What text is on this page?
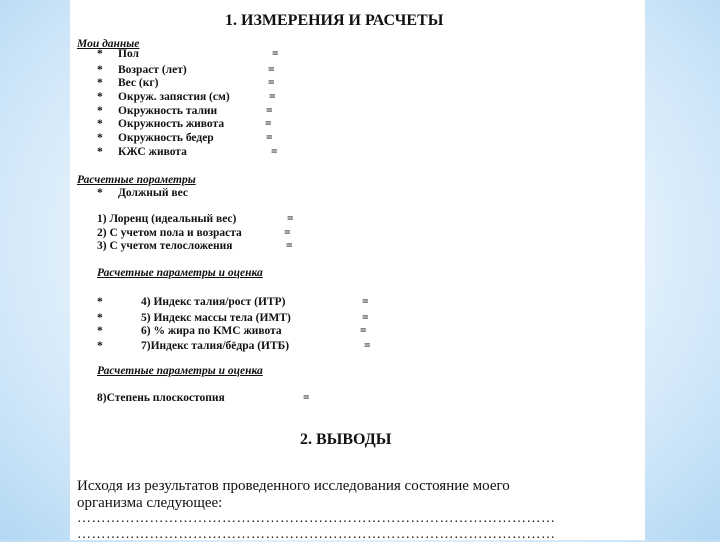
1. ИЗМЕРЕНИЯ И РАСЧЕТЫ
Мои данные
* Пол	=
* Возраст (лет)	=
* Вес (кг)	=
* Окруж. запястия (см)	=
* Окружность талии	=
* Окружность живота	=
* Окружность бедер	=
* КЖС живота	=
Расчетные пораметры
* Должный вес
1) Лоренц (идеальный вес)	=
2) С учетом пола и возраста	=
3) С учетом телосложения	=
Расчетные параметры и оценка
*	4) Индекс талия/рост (ИТР)	=
*	5) Индекс массы тела (ИМТ)	=
*	6) % жира по КМС живота	=
*	7)Индекс талия/бёдра (ИТБ)	=
Расчетные параметры и оценка
8)Степень плоскостопия	=
2. ВЫВОДЫ
Исходя из результатов проведенного исследования состояние моего
организма следующее:
………………………………………………………………………………………
………………………………………………………………………………………
